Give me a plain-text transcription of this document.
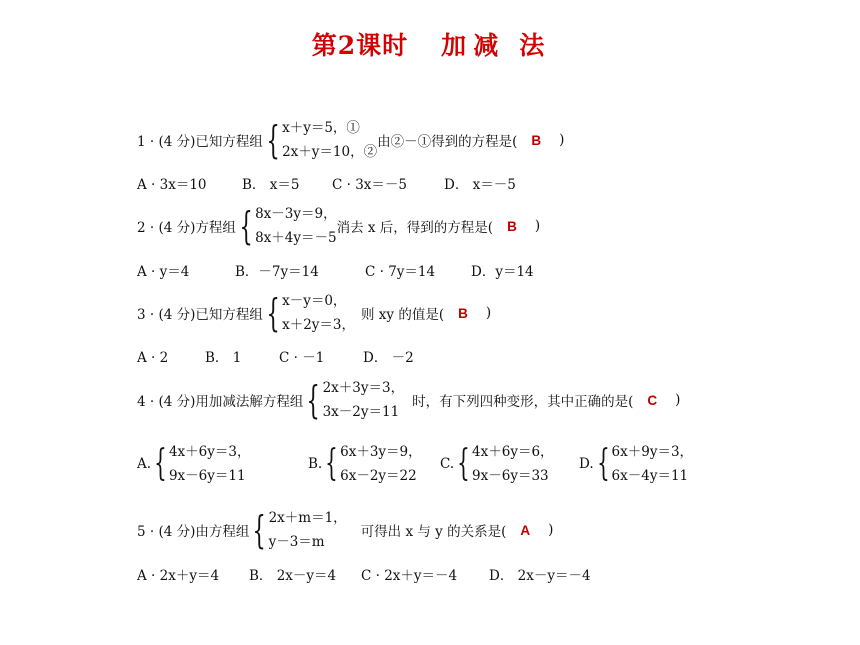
第2课时 加 减 法
1 · (4 分)已知方程组{ x＋y＝5，①
2x＋y＝10，②
由②－①得到的方程是( B )
A · 3x＝10	B． x＝5 C · 3x＝－5	D． x＝－5
2 · (4 分)方程组{ 8x－3y＝9，
8x＋4y＝－5
消去 x 后，得到的方程是( B )
A · y＝4	B．－7y＝14	C · 7y＝14	D．y＝14
3 · (4 分)已知方程组{ x－y＝0，
x＋2y＝3，
则 xy 的值是( B )
A · 2	B． 1	C · －1	D． －2
4 · (4 分)用加减法解方程组{ 2x＋3y＝3，
3x－2y＝11
时，有下列四种变形，其中正确的是( C )
A.{ 4x＋6y＝3，
9x－6y＝11
B.{ 6x＋3y＝9，
6x－2y＝22
C.{ 4x＋6y＝6，
9x－6y＝33
D.{ 6x＋9y＝3，
6x－4y＝11
5 · (4 分)由方程组{ 2x＋m＝1，
y－3＝m
可得出 x 与 y 的关系是( A )
A · 2x＋y＝4 B． 2x－y＝4 C · 2x＋y＝－4 D． 2x－y＝－4
